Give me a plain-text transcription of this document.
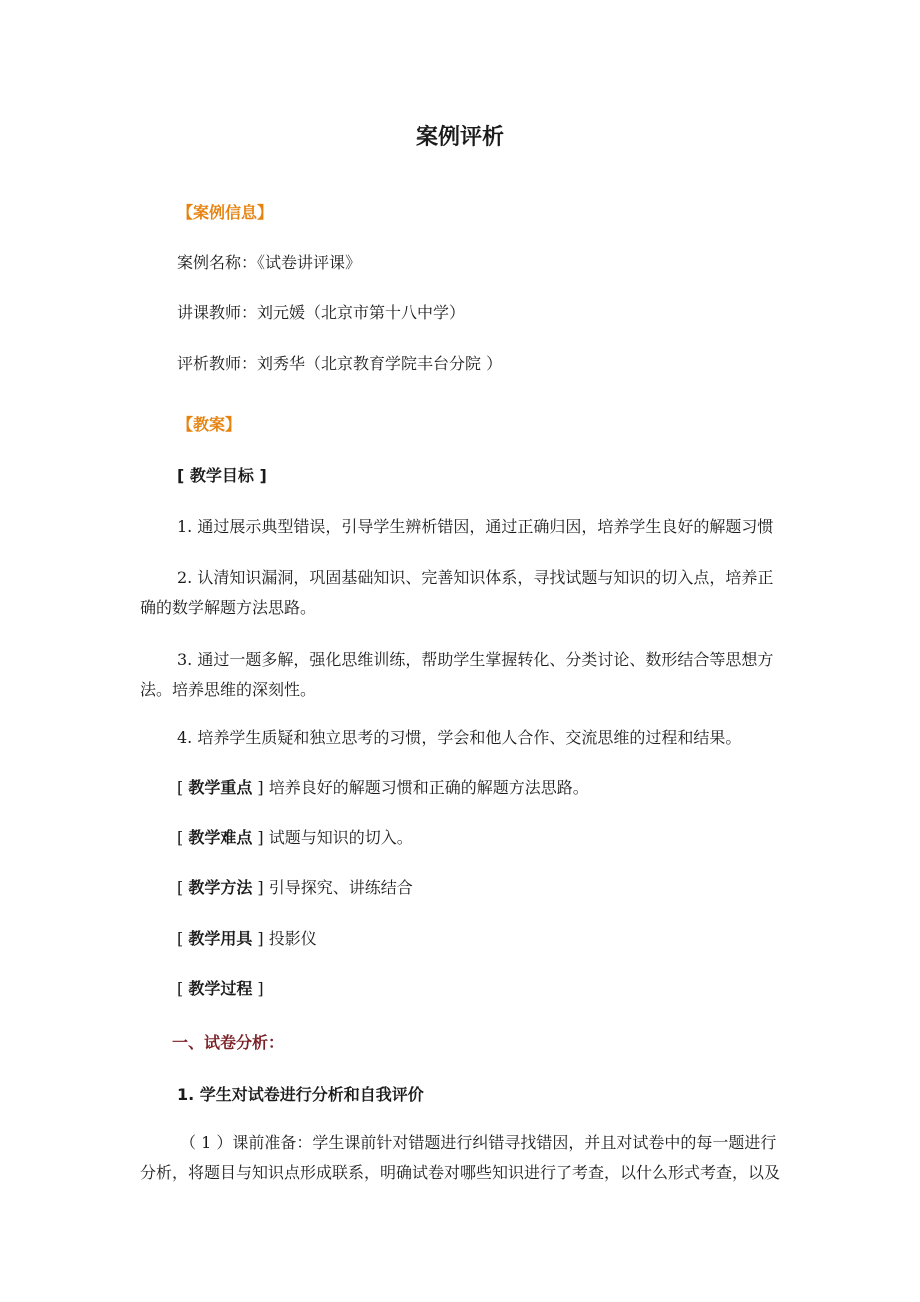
案例评析
【案例信息】
案例名称：《试卷讲评课》
讲课教师：刘元媛（北京市第十八中学）
评析教师：刘秀华（北京教育学院丰台分院 ）
【教案】
[ 教学目标 ]
1. 通过展示典型错误，引导学生辨析错因，通过正确归因，培养学生良好的解题习惯
2. 认清知识漏洞，巩固基础知识、完善知识体系，寻找试题与知识的切入点，培养正确的数学解题方法思路。
3. 通过一题多解，强化思维训练，帮助学生掌握转化、分类讨论、数形结合等思想方法。培养思维的深刻性。
4. 培养学生质疑和独立思考的习惯，学会和他人合作、交流思维的过程和结果。
[ 教学重点 ] 培养良好的解题习惯和正确的解题方法思路。
[ 教学难点 ] 试题与知识的切入。
[ 教学方法 ] 引导探究、讲练结合
[ 教学用具 ] 投影仪
[ 教学过程 ]
一、试卷分析：
1. 学生对试卷进行分析和自我评价
（ 1 ）课前准备：学生课前针对错题进行纠错寻找错因，并且对试卷中的每一题进行分析，将题目与知识点形成联系，明确试卷对哪些知识进行了考查，以什么形式考查，以及
